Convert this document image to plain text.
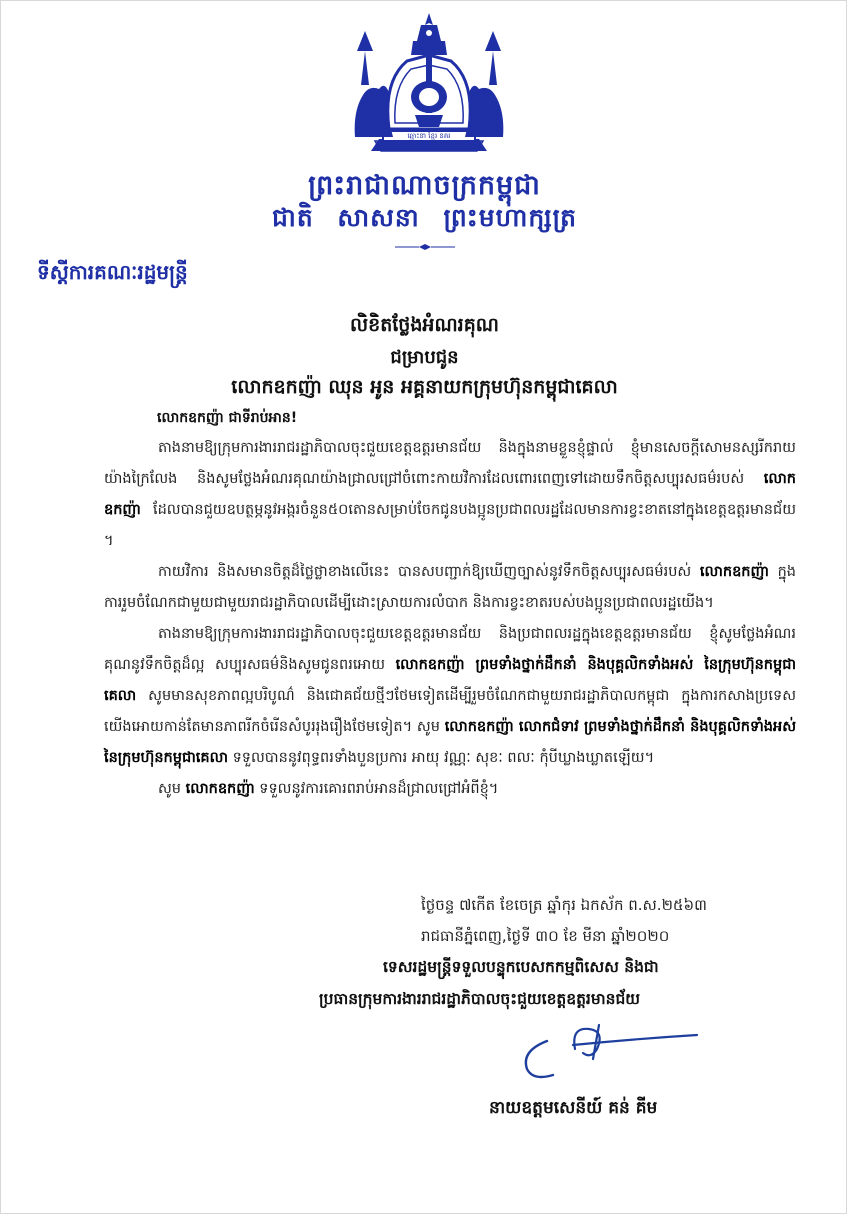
ឆ្មោះនា ខ្មែរ នគរ
ព្រះរាជាណាចក្រកម្ពុជា
ជាតិ សាសនា ព្រះមហាក្សត្រ
ទីស្តីការគណៈរដ្ឋមន្ត្រី
លិខិតថ្លែងអំណរគុណ
ជម្រាបជូន
លោកឧកញ៉ា ឈុន អូន អគ្គនាយកក្រុមហ៊ុនកម្ពុជាគេលា
លោកឧកញ៉ា ជាទីរាប់អាន!

តាងនាមឱ្យក្រុមការងាររាជរដ្ឋាភិបាលចុះជួយខេត្តឧត្តរមានជ័យ និងក្នុងនាមខ្លួនខ្ញុំផ្ទាល់ ខ្ញុំមានសេចក្តីសោមនស្សរីករាយយ៉ាងក្រៃលែង និងសូមថ្លែងអំណរគុណយ៉ាងជ្រាលជ្រៅចំពោះកាយវិការដែលពោរពេញទៅដោយទឹកចិត្តសប្បុរសធម៌របស់ លោកឧកញ៉ា ដែលបានជួយឧបត្ថម្ភនូវអង្ករចំនួន៥០តោនសម្រាប់ចែកជូនបងប្អូនប្រជាពលរដ្ឋដែលមានការខ្វះខាតនៅក្នុងខេត្តឧត្តរមានជ័យ ។

កាយវិការ និងសមានចិត្តដ៏ថ្លៃថ្លាខាងលើនេះ បានសបញ្ជាក់ឱ្យឃើញច្បាស់នូវទឹកចិត្តសប្បុរសធម៌របស់ លោកឧកញ៉ា ក្នុងការរួមចំណែកជាមួយជាមួយរាជរដ្ឋាភិបាលដើម្បីដោះស្រាយការលំបាក និងការខ្វះខាតរបស់បងប្អូនប្រជាពលរដ្ឋយើង។

តាងនាមឱ្យក្រុមការងាររាជរដ្ឋាភិបាលចុះជួយខេត្តឧត្តរមានជ័យ និងប្រជាពលរដ្ឋក្នុងខេត្តឧត្តរមានជ័យ ខ្ញុំសូមថ្លែងអំណរគុណនូវទឹកចិត្តដ៏ល្អ សប្បុរសធម៌និងសូមជូនពរអោយ លោកឧកញ៉ា ព្រមទាំងថ្នាក់ដឹកនាំ និងបុគ្គលិកទាំងអស់ នៃក្រុមហ៊ុនកម្ពុជាគេលា សូមមានសុខភាពល្អបរិបូណ៌ និងជោគជ័យថ្មីៗថែមទៀតដើម្បីរួមចំណែកជាមួយរាជរដ្ឋាភិបាលកម្ពុជា ក្នុងការកសាងប្រទេសយើងអោយកាន់តែមានភាពរីកចំរើនសំបូររុងរឿងថែមទៀត។ សូម លោកឧកញ៉ា លោកជំទាវ ព្រមទាំងថ្នាក់ដឹកនាំ និងបុគ្គលិកទាំងអស់ នៃក្រុមហ៊ុនកម្ពុជាគេលា ទទួលបាននូវពុទ្ធពរទាំងបួនប្រការ អាយុ វណ្ណៈ សុខៈ ពលៈ កុំបីឃ្លាងឃ្លាតឡើយ។

សូម លោកឧកញ៉ា ទទួលនូវការគោរពរាប់អានដ៏ជ្រាលជ្រៅអំពីខ្ញុំ។

ថ្ងៃចន្ទ ៧កើត ខែចេត្រ ឆ្នាំកុរ ឯកស័ក ព.ស.២៥៦៣
រាជធានីភ្នំពេញ,ថ្ងៃទី ៣០ ខែ មីនា ឆ្នាំ២០២០
ទេសរដ្ឋមន្ត្រីទទួលបន្ទុកបេសកកម្មពិសេស និងជា
ប្រធានក្រុមការងាររាជរដ្ឋាភិបាលចុះជួយខេត្តឧត្តរមានជ័យ
នាយឧត្តមសេនីយ៍ គន់ គីម
